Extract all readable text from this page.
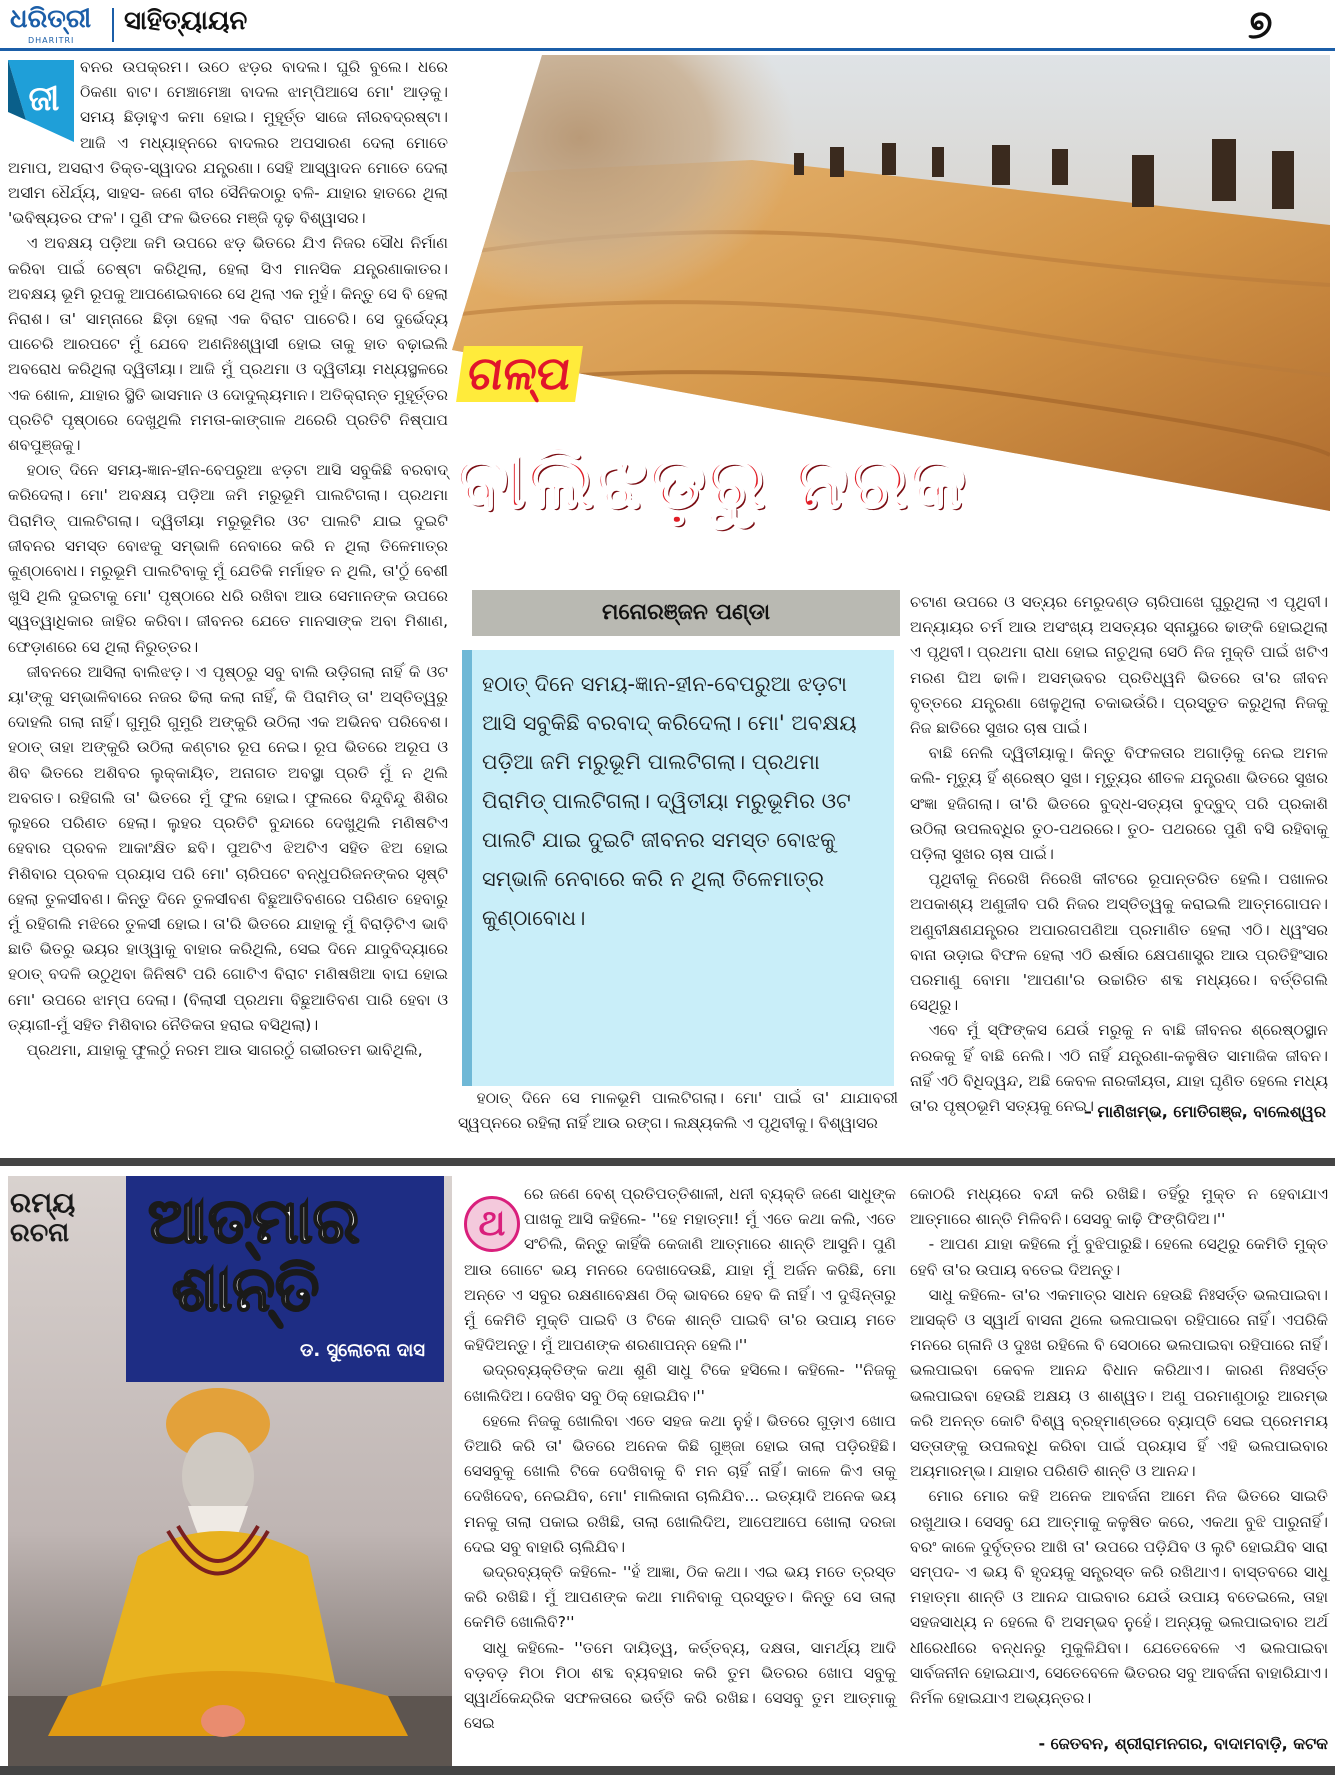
ଧରିତ୍ରୀ
DHARITRI
ସାହିତ୍ୟାୟନ	୭
ଜୀ

ବନର ଉପକ୍ରମ। ଉଠେ ଝଡ଼ର ବାଦଲ। ଘୁରି ବୁଲେ। ଧରେ ଠିକଣା ବାଟ। ମେଞ୍ଚାମେଞ୍ଚା ବାଦଲ ଝାମ୍ପିଆସେ ମୋ' ଆଡ଼କୁ। ସମୟ ଛିଡ଼ାହୁଏ କମା ହୋଇ। ମୁହୂର୍ତ୍ତ ସାଜେ ନୀରବଦ୍ରଷ୍ଟା। ଆଜି ଏ ମଧ୍ୟାହ୍ନରେ ବାଦଲର ଅପସାରଣ ଦେଲା ମୋତେ ଅମାପ, ଅସରାଏ ତିକ୍ତ-ସ୍ୱାଦର ଯନ୍ତ୍ରଣା। ସେହି ଆସ୍ୱାଦନ ମୋତେ ଦେଲା ଅସୀମ ଧୈର୍ଯ୍ୟ, ସାହସ- ଜଣେ ବୀର ସୈନିକଠାରୁ ବଳି- ଯାହାର ହାତରେ ଥିଲା 'ଭବିଷ୍ୟତର ଫଳ'। ପୁଣି ଫଳ ଭିତରେ ମଞ୍ଜି ଦୃଢ଼ ବିଶ୍ୱାସର।

ଏ ଅବକ୍ଷୟ ପଡ଼ିଆ ଜମି ଉପରେ ଝଡ଼ ଭିତରେ ଯିଏ ନିଜର ସୌଧ ନିର୍ମାଣ କରିବା ପାଇଁ ଚେଷ୍ଟା କରିଥିଲା, ହେଲା ସିଏ ମାନସିକ ଯନ୍ତ୍ରଣାକାତର। ଅବକ୍ଷୟ ଭୂମି ରୂପକୁ ଆପଣେଇବାରେ ସେ ଥିଲା ଏକ ମୁହଁ। କିନ୍ତୁ ସେ ବି ହେଲା ନିରାଶ। ତା' ସାମ୍ନାରେ ଛିଡ଼ା ହେଲା ଏକ ବିରାଟ ପାଚେରି। ସେ ଦୁର୍ଭେଦ୍ୟ ପାଚେରି ଆରପଟେ ମୁଁ ଯେବେ ଅଣନିଃଶ୍ୱାସୀ ହୋଇ ତାକୁ ହାତ ବଢ଼ାଇଲି ଅବରୋଧ କରିଥିଲା ଦ୍ୱିତୀୟା। ଆଜି ମୁଁ ପ୍ରଥମା ଓ ଦ୍ୱିତୀୟା ମଧ୍ୟସ୍ଥଳରେ ଏକ ଶୋଳ, ଯାହାର ସ୍ଥିତି ଭାସମାନ ଓ ଦୋଦୁଲ୍ୟମାନ। ଅତିକ୍ରାନ୍ତ ମୁହୂର୍ତ୍ତର ପ୍ରତିଟି ପୃଷ୍ଠାରେ ଦେଖୁଥିଲି ମମତା-କାଙ୍ଗାଳ ଥରେରି ପ୍ରତିଟି ନିଷ୍ପାପ ଶବପୁଞ୍ଜକୁ।

ହଠାତ୍ ଦିନେ ସମୟ-ଜ୍ଞାନ-ହୀନ-ବେପରୁଆ ଝଡ଼ଟା ଆସି ସବୁକିଛି ବରବାଦ୍ କରିଦେଲା। ମୋ' ଅବକ୍ଷୟ ପଡ଼ିଆ ଜମି ମରୁଭୂମି ପାଲଟିଗଲା। ପ୍ରଥମା ପିରାମିଡ୍ ପାଲଟିଗଲା। ଦ୍ୱିତୀୟା ମରୁଭୂମିର ଓଟ ପାଲଟି ଯାଇ ଦୁଇଟି ଜୀବନର ସମସ୍ତ ବୋଝକୁ ସମ୍ଭାଳି ନେବାରେ କରି ନ ଥିଲା ତିଳେମାତ୍ର କୁଣ୍ଠାବୋଧ। ମରୁଭୂମି ପାଲଟିବାକୁ ମୁଁ ଯେତିକି ମର୍ମାହତ ନ ଥିଲି, ତା'ଠୁଁ ବେଶୀ ଖୁସି ଥିଲି ଦୁଇଟାକୁ ମୋ' ପୃଷ୍ଠାରେ ଧରି ରଖିବା ଆଉ ସେମାନଙ୍କ ଉପରେ ସ୍ୱତ୍ୱାଧିକାର ଜାହିର କରିବା। ଜୀବନର ଯେତେ ମାନସାଙ୍କ ଅବା ମିଶାଣ, ଫେଡ଼ାଣରେ ସେ ଥିଲା ନିରୁତ୍ତର।

ଜୀବନରେ ଆସିଲା ବାଲିଝଡ଼। ଏ ପୃଷ୍ଠରୁ ସବୁ ବାଲି ଉଡ଼ିଗଲା ନାହିଁ କି ଓଟ ୟା'ଙ୍କୁ ସମ୍ଭାଳିବାରେ ନଜର ଢିଲା କଲା ନାହିଁ, କି ପିରାମିଡ୍ ତା' ଅସ୍ତିତ୍ୱରୁ ଦୋହଲି ଗଲା ନାହିଁ। ଗୁମୁରି ଗୁମୁରି ଅଙ୍କୁରି ଉଠିଲା ଏକ ଅଭିନବ ପରିବେଶ। ହଠାତ୍ ତାହା ଅଙ୍କୁରି ଉଠିଲା କଣ୍ଟାର ରୂପ ନେଇ। ରୂପ ଭିତରେ ଅରୂପ ଓ ଶିବ ଭିତରେ ଅଶିବର ଲୁକ୍କାୟିତ, ଅନାଗତ ଅବସ୍ଥା ପ୍ରତି ମୁଁ ନ ଥିଲି ଅବଗତ। ରହିଗଲି ତା' ଭିତରେ ମୁଁ ଫୁଲ ହୋଇ। ଫୁଲରେ ବିନ୍ଦୁବିନ୍ଦୁ ଶିଶିର ଲୁହରେ ପରିଣତ ହେଲା। ଲୁହର ପ୍ରତିଟି ବୁନ୍ଦାରେ ଦେଖୁଥିଲି ମଣିଷଟିଏ ହେବାର ପ୍ରବଳ ଆକାଂକ୍ଷିତ ଛବି। ପୁଅଟିଏ ଝିଅଟିଏ ସହିତ ଝିଅ ହୋଇ ମିଶିବାର ପ୍ରବଳ ପ୍ରୟାସ ପରି ମୋ' ଚାରିପଟେ ବନ୍ଧୁପରିଜନଙ୍କର ସୃଷ୍ଟି ହେଲା ତୁଳସୀବଣ। କିନ୍ତୁ ଦିନେ ତୁଳସୀବଣ ବିଛୁଆତିବଣରେ ପରିଣତ ହେବାରୁ ମୁଁ ରହିଗଲି ମଝିରେ ତୁଳସୀ ହୋଇ। ତା'ରି ଭିତରେ ଯାହାକୁ ମୁଁ ବିରାଡ଼ିଟିଏ ଭାବି ଛାତି ଭିତରୁ ଭୟର ହାଓ୍ୱାକୁ ବାହାର କରିଥିଲି, ସେଇ ଦିନେ ଯାଦୁବିଦ୍ୟାରେ ହଠାତ୍ ବଦଳି ଉଠୁଥିବା ଜିନିଷଟି ପରି ଗୋଟିଏ ବିରାଟ ମଣିଷଖିଆ ବାଘ ହୋଇ ମୋ' ଉପରେ ଝାମ୍ପ ଦେଲା। (ବିଲାସୀ ପ୍ରଥମା ବିଛୁଆତିବଣ ପାରି ହେବା ଓ ତ୍ୟାଗୀ-ମୁଁ ସହିତ ମିଶିବାର ନୈତିକତା ହରାଇ ବସିଥିଲା)।

ପ୍ରଥମା, ଯାହାକୁ ଫୁଲଠୁଁ ନରମ ଆଉ ସାଗରଠୁଁ ଗଭୀରତମ ଭାବିଥିଲି,

ଗଳ୍ପ
ବାଲିଝଡ଼ରୁ ନରକ
ମନୋରଞ୍ଜନ ପଣ୍ଡା
ହଠାତ୍ ଦିନେ ସମୟ-ଜ୍ଞାନ-ହୀନ-ବେପରୁଆ ଝଡ଼ଟା ଆସି ସବୁକିଛି ବରବାଦ୍ କରିଦେଲା। ମୋ' ଅବକ୍ଷୟ ପଡ଼ିଆ ଜମି ମରୁଭୂମି ପାଲଟିଗଲା। ପ୍ରଥମା ପିରାମିଡ୍ ପାଲଟିଗଲା। ଦ୍ୱିତୀୟା ମରୁଭୂମିର ଓଟ ପାଲଟି ଯାଇ ଦୁଇଟି ଜୀବନର ସମସ୍ତ ବୋଝକୁ ସମ୍ଭାଳି ନେବାରେ କରି ନ ଥିଲା ତିଳେମାତ୍ର କୁଣ୍ଠାବୋଧ।

ହଠାତ୍ ଦିନେ ସେ ମାଳଭୂମି ପାଲଟିଗଲା। ମୋ' ପାଇଁ ତା' ଯାଯାବରୀ ସ୍ୱପ୍ନରେ ରହିଲା ନାହିଁ ଆଉ ରଙ୍ଗ। ଲକ୍ଷ୍ୟକଲି ଏ ପୃଥିବୀକୁ। ବିଶ୍ୱାସର

ଚଟାଣ ଉପରେ ଓ ସତ୍ୟର ମେରୁଦଣ୍ଡ ଚାରିପାଖେ ଘୁରୁଥିଲା ଏ ପୃଥିବୀ। ଅନ୍ୟାୟର ଚର୍ମ ଆଉ ଅସଂଖ୍ୟ ଅସତ୍ୟର ସ୍ନାୟୁରେ ଢାଙ୍କି ହୋଇଥିଲା ଏ ପୃଥିବୀ। ପ୍ରଥମା ରାଧା ହୋଇ ନାଚୁଥିଲା ସେଠି ନିଜ ମୁକ୍ତି ପାଇଁ ଖଟିଏ ମରଣ ଘିଅ ଢାଳି। ଅସମ୍ଭବର ପ୍ରତିଧ୍ୱନି ଭିତରେ ତା'ର ଜୀବନ ବୃତ୍ତରେ ଯନ୍ତ୍ରଣା ଖେଳୁଥିଲା ଚକାଭଉଁରି। ପ୍ରସ୍ତୁତ କରୁଥିଲା ନିଜକୁ ନିଜ ଛାତିରେ ସୁଖର ଚାଷ ପାଇଁ।

ବାଛି ନେଲି ଦ୍ୱିତୀୟାକୁ। କିନ୍ତୁ ବିଫଳତାର ଅଗାଡ଼ିକୁ ନେଇ ଅମଳ କଲି- ମୃତ୍ୟୁ ହିଁ ଶ୍ରେଷ୍ଠ ସୁଖ। ମୃତ୍ୟୁର ଶୀତଳ ଯନ୍ତ୍ରଣା ଭିତରେ ସୁଖର ସଂଜ୍ଞା ହଜିଗଲା। ତା'ରି ଭିତରେ ବୁଦ୍ଧ-ସତ୍ୟତା ବୁଦ୍‌ବୁଦ୍ ପରି ପ୍ରକାଶି ଉଠିଲା ଉପଲବ୍ଧିର ତୁଠ-ପଥରରେ। ତୁଠ- ପଥରରେ ପୁଣି ବସି ରହିବାକୁ ପଡ଼ିଲା ସୁଖର ଚାଷ ପାଇଁ।

ପୃଥିବୀକୁ ନିରେଖି ନିରେଖି କୀଟରେ ରୂପାନ୍ତରିତ ହେଲି। ପଖାଳର ଅପକାଶ୍ୟ ଅଣୁଜୀବ ପରି ନିଜର ଅସ୍ତିତ୍ୱକୁ କରାଇଲି ଆତ୍ମଗୋପନ। ଅଣୁବୀକ୍ଷଣଯନ୍ତ୍ରର ଅପାରଗପଣିଆ ପ୍ରମାଣିତ ହେଲା ଏଠି। ଧ୍ୱଂସର ବାନା ଉଡ଼ାଇ ବିଫଳ ହେଲା ଏଠି ଈର୍ଷାର କ୍ଷେପଣାସ୍ତ୍ର ଆଉ ପ୍ରତିହିଂସାର ପରମାଣୁ ବୋମା 'ଆପଣା'ର ଉଚ୍ଚାରିତ ଶବ୍ଦ ମଧ୍ୟରେ। ବର୍ତ୍ତିଗଲି ସେଥିରୁ।

ଏବେ ମୁଁ ସ୍ଫିଙ୍କସ ଯେଉଁ ମରୁକୁ ନ ବାଛି ଜୀବନର ଶ୍ରେଷ୍ଠସ୍ଥାନ ନରକକୁ ହିଁ ବାଛି ନେଲି। ଏଠି ନାହିଁ ଯନ୍ତ୍ରଣା-କଳୁଷିତ ସାମାଜିକ ଜୀବନ। ନାହିଁ ଏଠି ବିଧିଦ୍ୱନ୍ଦ, ଅଛି କେବଳ ନାରକୀୟତା, ଯାହା ଘୃଣିତ ହେଲେ ମଧ୍ୟ ତା'ର ପୃଷ୍ଠଭୂମି ସତ୍ୟକୁ ନେଇ।

– ମାଣିଖମ୍ଭ, ମୋତିଗଞ୍ଜ, ବାଲେଶ୍ୱର
ରମ୍ୟ
ରଚନା ଆତ୍ମାର
ଶାନ୍ତି
ଡ. ସୁଲୋଚନା ଦାସ

ରେ ଜଣେ ବେଶ୍ ପ୍ରତିପତ୍ତିଶାଳୀ, ଧନୀ ବ୍ୟକ୍ତି ଜଣେ ସାଧୁଙ୍କ ପାଖକୁ ଆସି କହିଲେ- ''ହେ ମହାତ୍ମା! ମୁଁ ଏତେ କଥା କଲି, ଏତେ ସଂଚିଲି, କିନ୍ତୁ କାହିଁକି କେଜାଣି ଆତ୍ମାରେ ଶାନ୍ତି ଆସୁନି। ପୁଣି ଆଉ ଗୋଟେ ଭୟ ମନରେ ଦେଖାଦେଉଛି, ଯାହା ମୁଁ ଅର୍ଜନ କରିଛି, ମୋ ଅନ୍ତେ ଏ ସବୁର ରକ୍ଷଣାବେକ୍ଷଣ ଠିକ୍ ଭାବରେ ହେବ କି ନାହିଁ। ଏ ଦୁଶ୍ଚିନ୍ତାରୁ ମୁଁ କେମିତି ମୁକ୍ତି ପାଇବି ଓ ଟିକେ ଶାନ୍ତି ପାଇବି ତା'ର ଉପାୟ ମତେ କହିଦିଅନ୍ତୁ। ମୁଁ ଆପଣଙ୍କ ଶରଣାପନ୍ନ ହେଲି।''

ଭଦ୍ରବ୍ୟକ୍ତିଙ୍କ କଥା ଶୁଣି ସାଧୁ ଟିକେ ହସିଲେ। କହିଲେ- ''ନିଜକୁ ଖୋଲିଦିଅ। ଦେଖିବ ସବୁ ଠିକ୍ ହୋଇଯିବ।''

ହେଲେ ନିଜକୁ ଖୋଲିବା ଏତେ ସହଜ କଥା ନୁହଁ। ଭିତରେ ଗୁଡ଼ାଏ ଖୋପ ତିଆରି କରି ତା' ଭିତରେ ଅନେକ କିଛି ଗୁଞ୍ଜା ହୋଇ ତାଲା ପଡ଼ିରହିଛି। ସେସବୁକୁ ଖୋଲି ଟିକେ ଦେଖିବାକୁ ବି ମନ ଚାହିଁ ନାହିଁ। କାଳେ କିଏ ତାକୁ ଦେଖିଦେବ, ନେଇଯିବ, ମୋ' ମାଲିକାନା ଚାଲିଯିବ... ଇତ୍ୟାଦି ଅନେକ ଭୟ ମନକୁ ତାଲା ପକାଇ ରଖିଛି, ତାଲା ଖୋଲିଦିଅ, ଆପେଆପେ ଖୋଲା ଦରଜା ଦେଇ ସବୁ ବାହାରି ଚାଲିଯିବ।

ଭଦ୍ରବ୍ୟକ୍ତି କହିଲେ- ''ହଁ ଆଜ୍ଞା, ଠିକ କଥା। ଏଇ ଭୟ ମତେ ତ୍ରସ୍ତ କରି ରଖିଛି। ମୁଁ ଆପଣଙ୍କ କଥା ମାନିବାକୁ ପ୍ରସ୍ତୁତ। କିନ୍ତୁ ସେ ତାଲା କେମିତି ଖୋଲିବି?''

ସାଧୁ କହିଲେ- ''ତମେ ଦାୟିତ୍ୱ, କର୍ତ୍ତବ୍ୟ, ଦକ୍ଷତା, ସାମର୍ଥ୍ୟ ଆଦି ବଡ଼ବଡ଼ ମିଠା ମିଠା ଶବ୍ଦ ବ୍ୟବହାର କରି ତୁମ ଭିତରର ଖୋପ ସବୁକୁ ସ୍ୱାର୍ଥକେନ୍ଦ୍ରିକ ସଫଳତାରେ ଭର୍ତ୍ତି କରି ରଖିଛ। ସେସବୁ ତୁମ ଆତ୍ମାକୁ ସେଇ

ଥ

କୋଠରି ମଧ୍ୟରେ ବନ୍ଦୀ କରି ରଖିଛି। ତହିଁରୁ ମୁକ୍ତ ନ ହେବାଯାଏ ଆତ୍ମାରେ ଶାନ୍ତି ମିଳିବନି। ସେସବୁ କାଢ଼ି ଫିଙ୍ଗିଦିଅ।''

- ଆପଣ ଯାହା କହିଲେ ମୁଁ ବୁଝିପାରୁଛି। ହେଲେ ସେଥିରୁ କେମିତି ମୁକ୍ତ ହେବି ତା'ର ଉପାୟ ବତେଇ ଦିଅନ୍ତୁ।

ସାଧୁ କହିଲେ- ତା'ର ଏକମାତ୍ର ସାଧନ ହେଉଛି ନିଃସର୍ତ୍ତ ଭଲପାଇବା। ଆସକ୍ତି ଓ ସ୍ୱାର୍ଥ ବାସନା ଥିଲେ ଭଲପାଇବା ରହିପାରେ ନାହିଁ। ଏପରିକି ମନରେ ଗ୍ଳାନି ଓ ଦୁଃଖ ରହିଲେ ବି ସେଠାରେ ଭଲପାଇବା ରହିପାରେ ନାହିଁ। ଭଲପାଇବା କେବଳ ଆନନ୍ଦ ବିଧାନ କରିଥାଏ। କାରଣ ନିଃସର୍ତ୍ତ ଭଲପାଇବା ହେଉଛି ଅକ୍ଷୟ ଓ ଶାଶ୍ୱତ। ଅଣୁ ପରମାଣୁଠାରୁ ଆରମ୍ଭ କରି ଅନନ୍ତ କୋଟି ବିଶ୍ୱ ବ୍ରହ୍ମାଣ୍ଡରେ ବ୍ୟାପ୍ତି ସେଇ ପ୍ରେମମୟ ସତ୍ତାଙ୍କୁ ଉପଲବ୍ଧି କରିବା ପାଇଁ ପ୍ରୟାସ ହିଁ ଏହି ଭଲପାଇବାର ଅୟମାରମ୍ଭ। ଯାହାର ପରିଣତି ଶାନ୍ତି ଓ ଆନନ୍ଦ।

ମୋର ମୋର କହି ଅନେକ ଆବର୍ଜନା ଆମେ ନିଜ ଭିତରେ ସାଇତି ରଖୁଥାଉ। ସେସବୁ ଯେ ଆତ୍ମାକୁ କଳୁଷିତ କରେ, ଏକଥା ବୁଝି ପାରୁନାହିଁ। ବରଂ କାଳେ ଦୁର୍ବୃତ୍ତର ଆଖି ତା' ଉପରେ ପଡ଼ିଯିବ ଓ ଲୁଟି ହୋଇଯିବ ସାରା ସମ୍ପଦ- ଏ ଭୟ ବି ହୃଦୟକୁ ସନ୍ତ୍ରସ୍ତ କରି ରଖିଥାଏ। ବାସ୍ତବରେ ସାଧୁ ମହାତ୍ମା ଶାନ୍ତି ଓ ଆନନ୍ଦ ପାଇବାର ଯେଉଁ ଉପାୟ ବତେଇଲେ, ତାହା ସହଜସାଧ୍ୟ ନ ହେଲେ ବି ଅସମ୍ଭବ ନୁହେଁ। ଅନ୍ୟକୁ ଭଲପାଇବାର ଅର୍ଥ ଧୀରେଧୀରେ ବନ୍ଧନରୁ ମୁକୁଳିଯିବା। ଯେତେବେଳେ ଏ ଭଲପାଇବା ସାର୍ବଜନୀନ ହୋଇଯାଏ, ସେତେବେଳେ ଭିତରର ସବୁ ଆବର୍ଜନା ବାହାରିଯାଏ। ନିର୍ମଳ ହୋଇଯାଏ ଅଭ୍ୟନ୍ତର।

- ଜେତବନ, ଶ୍ରୀରାମନଗର, ବାଦାମବାଡ଼ି, କଟକ
